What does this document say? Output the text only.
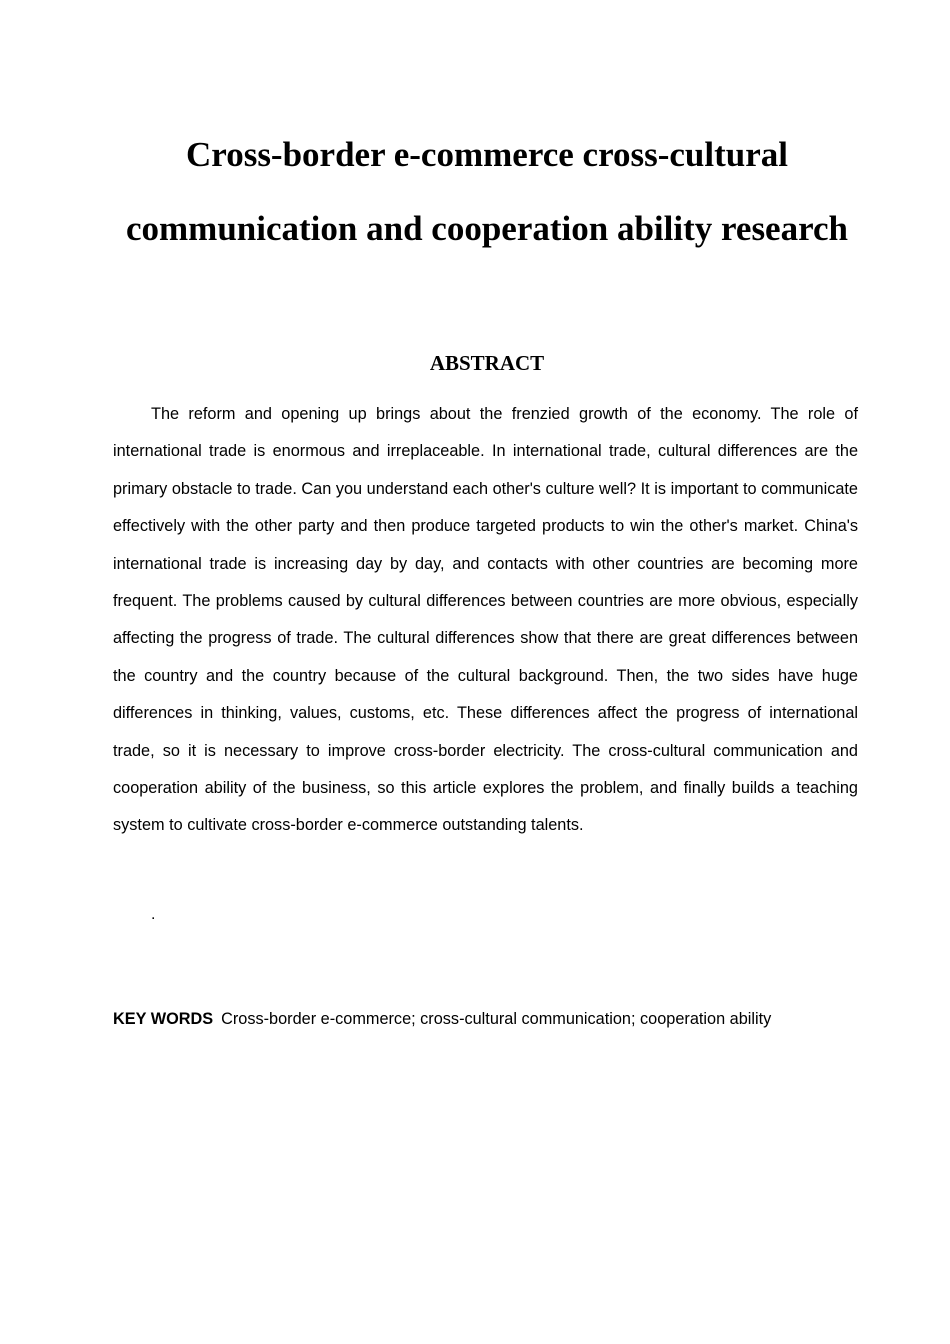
Cross-border e-commerce cross-cultural
communication and cooperation ability research
ABSTRACT

The reform and opening up brings about the frenzied growth of the economy. The role of international trade is enormous and irreplaceable. In international trade, cultural differences are the primary obstacle to trade. Can you understand each other's culture well? It is important to communicate effectively with the other party and then produce targeted products to win the other's market. China's international trade is increasing day by day, and contacts with other countries are becoming more frequent. The problems caused by cultural differences between countries are more obvious, especially affecting the progress of trade. The cultural differences show that there are great differences between the country and the country because of the cultural background. Then, the two sides have huge differences in thinking, values, customs, etc. These differences affect the progress of international trade, so it is necessary to improve cross-border electricity. The cross-cultural communication and cooperation ability of the business, so this article explores the problem, and finally builds a teaching system to cultivate cross-border e-commerce outstanding talents.

.

KEY WORDS Cross-border e-commerce; cross-cultural communication; cooperation ability
